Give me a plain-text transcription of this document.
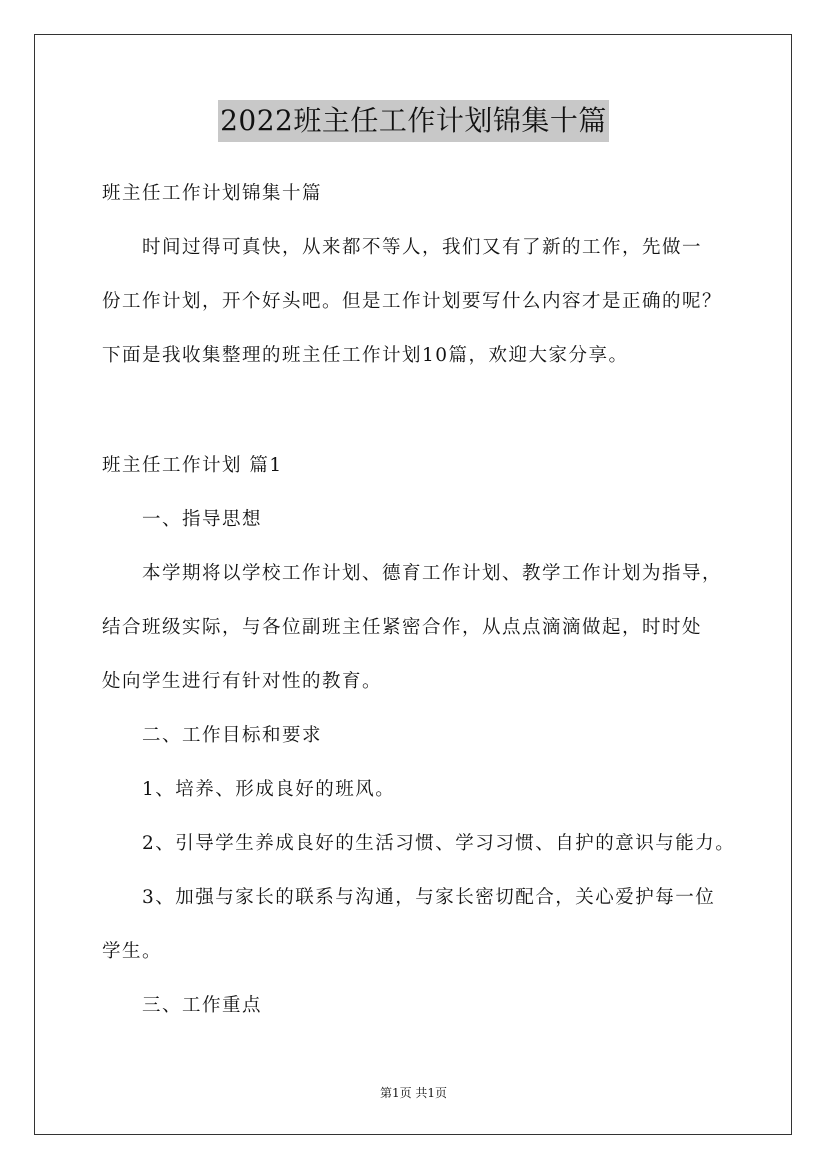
2022班主任工作计划锦集十篇
班主任工作计划锦集十篇
时间过得可真快，从来都不等人，我们又有了新的工作，先做一
份工作计划，开个好头吧。但是工作计划要写什么内容才是正确的呢？
下面是我收集整理的班主任工作计划10篇，欢迎大家分享。
班主任工作计划 篇1
一、指导思想
本学期将以学校工作计划、德育工作计划、教学工作计划为指导，
结合班级实际，与各位副班主任紧密合作，从点点滴滴做起，时时处
处向学生进行有针对性的教育。
二、工作目标和要求
1、培养、形成良好的班风。
2、引导学生养成良好的生活习惯、学习习惯、自护的意识与能力。
3、加强与家长的联系与沟通，与家长密切配合，关心爱护每一位
学生。
三、工作重点
第1页 共1页
